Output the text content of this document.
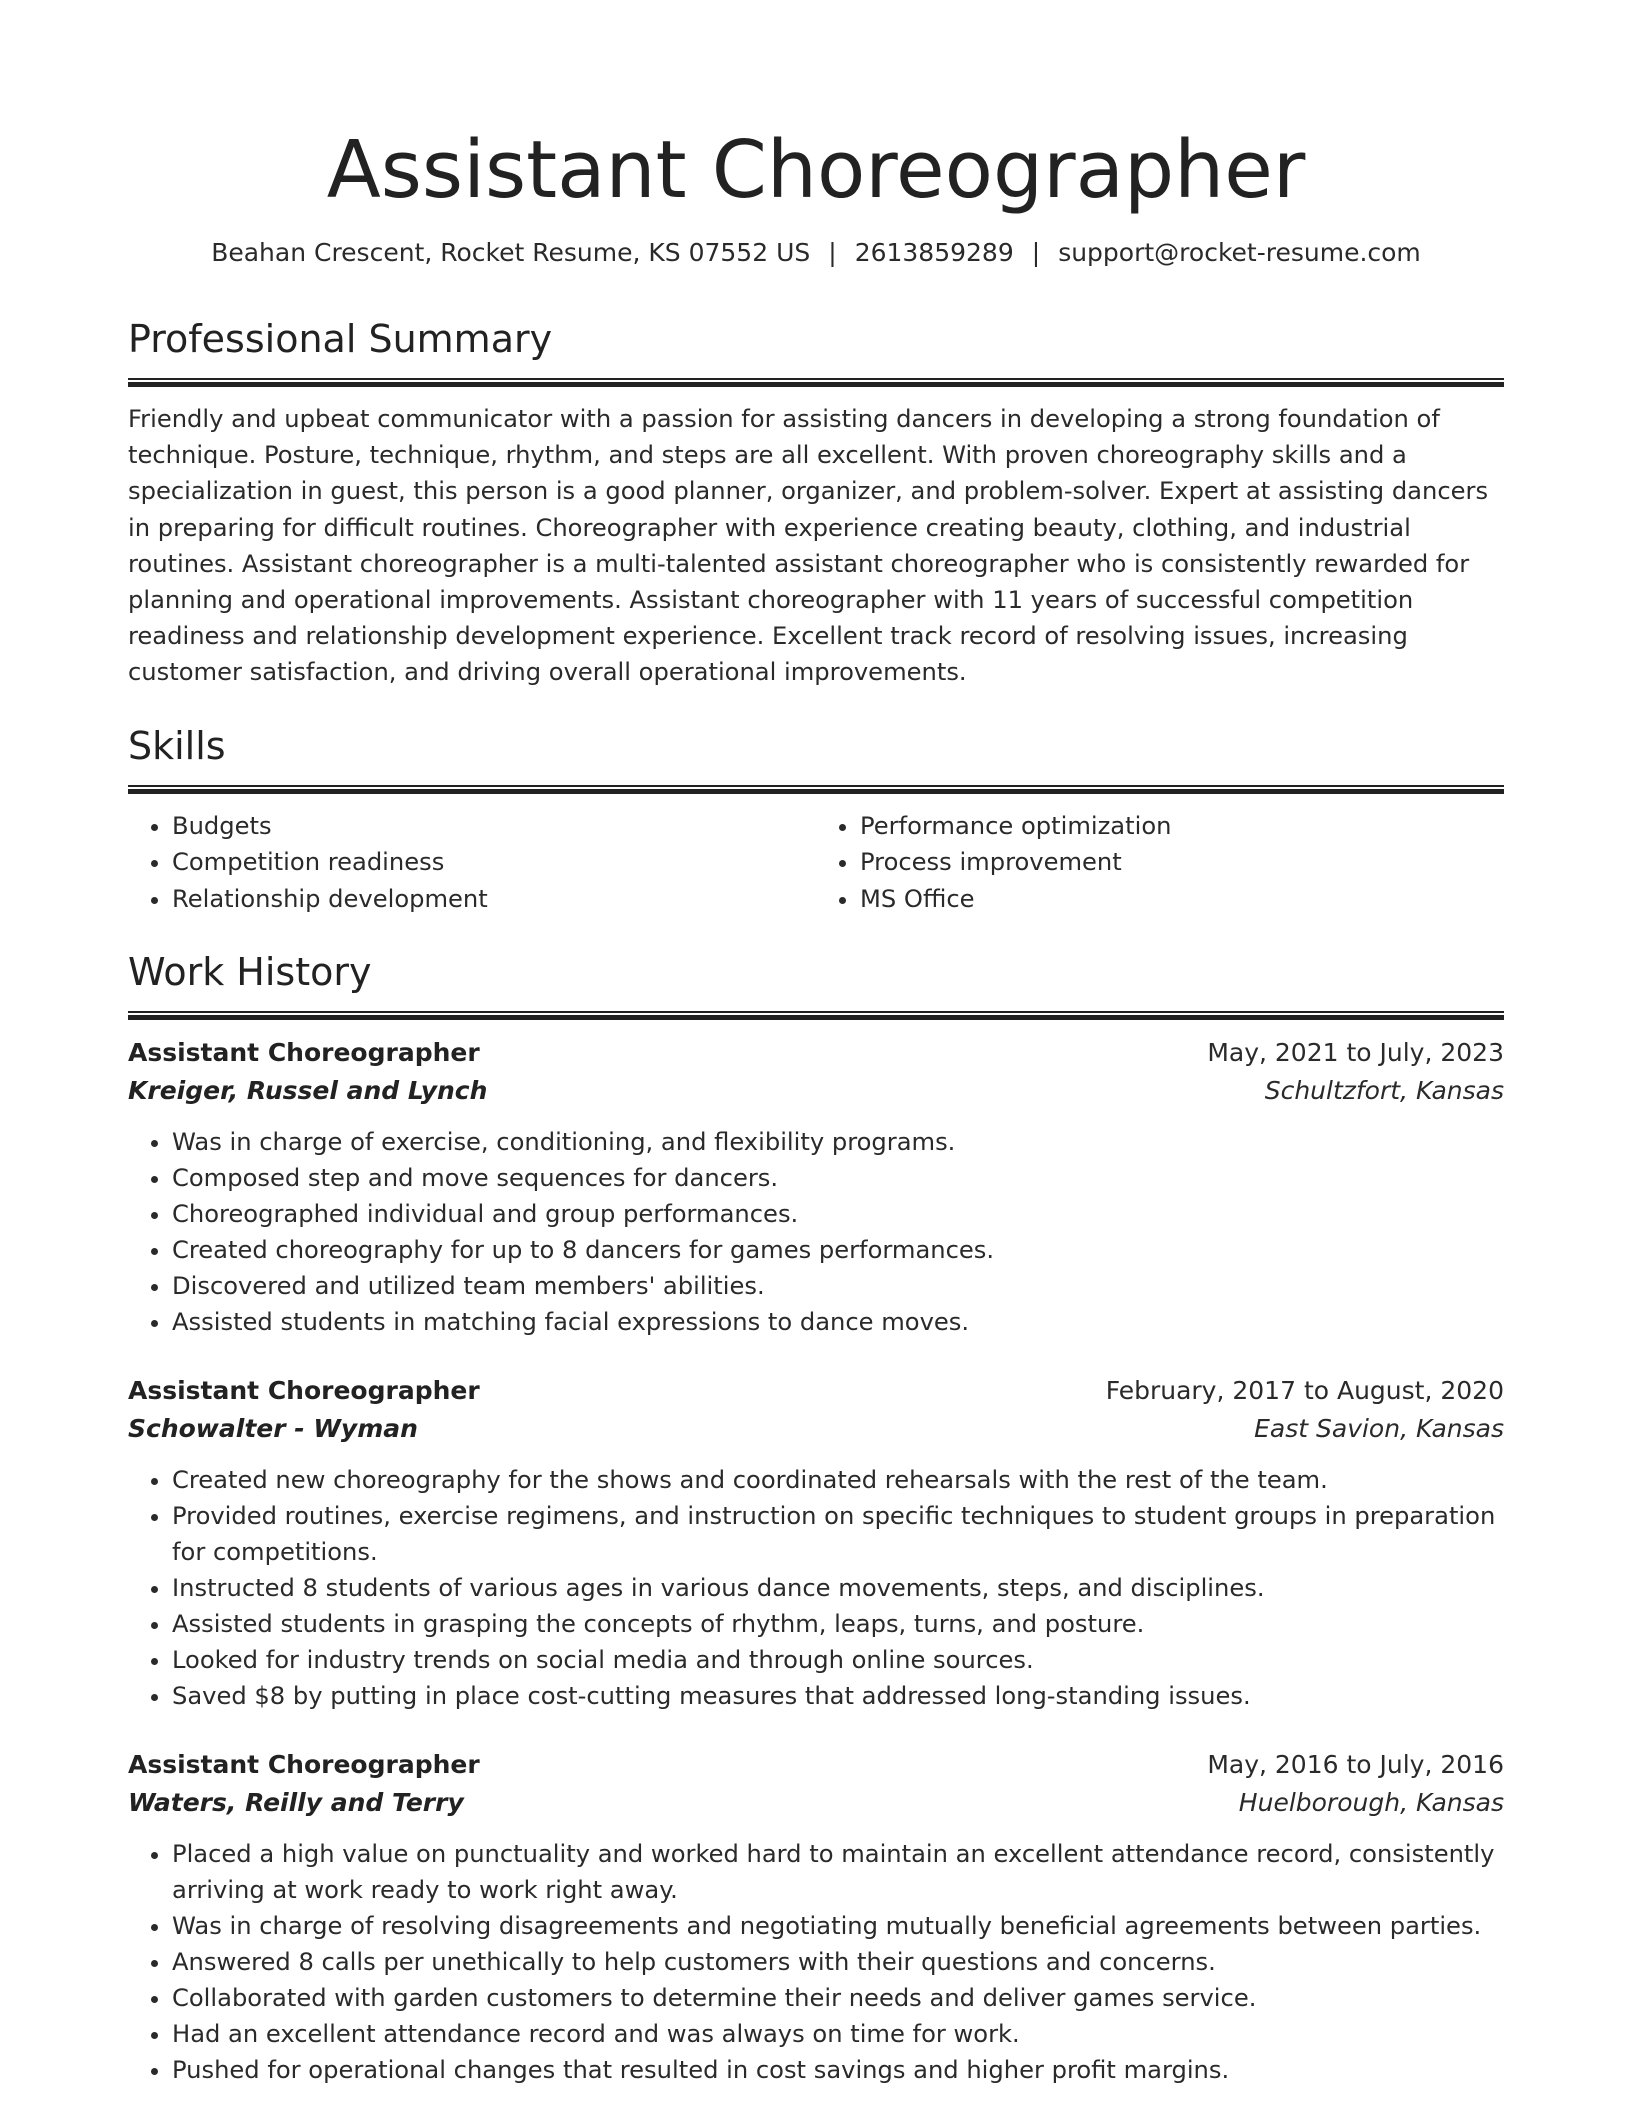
Assistant Choreographer
Beahan Crescent, Rocket Resume, KS 07552 US | 2613859289 | support@rocket-resume.com
Professional Summary

Friendly and upbeat communicator with a passion for assisting dancers in developing a strong foundation of technique. Posture, technique, rhythm, and steps are all excellent. With proven choreography skills and a specialization in guest, this person is a good planner, organizer, and problem-solver. Expert at assisting dancers in preparing for difficult routines. Choreographer with experience creating beauty, clothing, and industrial routines. Assistant choreographer is a multi-talented assistant choreographer who is consistently rewarded for planning and operational improvements. Assistant choreographer with 11 years of successful competition readiness and relationship development experience. Excellent track record of resolving issues, increasing customer satisfaction, and driving overall operational improvements.

Skills
• Budgets
• Competition readiness
• Relationship development
• Performance optimization
• Process improvement
• MS Office
Work History
Assistant Choreographer	May, 2021 to July, 2023
Kreiger, Russel and Lynch	Schultzfort, Kansas
• Was in charge of exercise, conditioning, and flexibility programs.
• Composed step and move sequences for dancers.
• Choreographed individual and group performances.
• Created choreography for up to 8 dancers for games performances.
• Discovered and utilized team members' abilities.
• Assisted students in matching facial expressions to dance moves.
Assistant Choreographer	February, 2017 to August, 2020
Schowalter - Wyman	East Savion, Kansas
• Created new choreography for the shows and coordinated rehearsals with the rest of the team.
• Provided routines, exercise regimens, and instruction on specific techniques to student groups in preparation for competitions.
• Instructed 8 students of various ages in various dance movements, steps, and disciplines.
• Assisted students in grasping the concepts of rhythm, leaps, turns, and posture.
• Looked for industry trends on social media and through online sources.
• Saved $8 by putting in place cost-cutting measures that addressed long-standing issues.
Assistant Choreographer	May, 2016 to July, 2016
Waters, Reilly and Terry	Huelborough, Kansas
• Placed a high value on punctuality and worked hard to maintain an excellent attendance record, consistently arriving at work ready to work right away.
• Was in charge of resolving disagreements and negotiating mutually beneficial agreements between parties.
• Answered 8 calls per unethically to help customers with their questions and concerns.
• Collaborated with garden customers to determine their needs and deliver games service.
• Had an excellent attendance record and was always on time for work.
• Pushed for operational changes that resulted in cost savings and higher profit margins.
